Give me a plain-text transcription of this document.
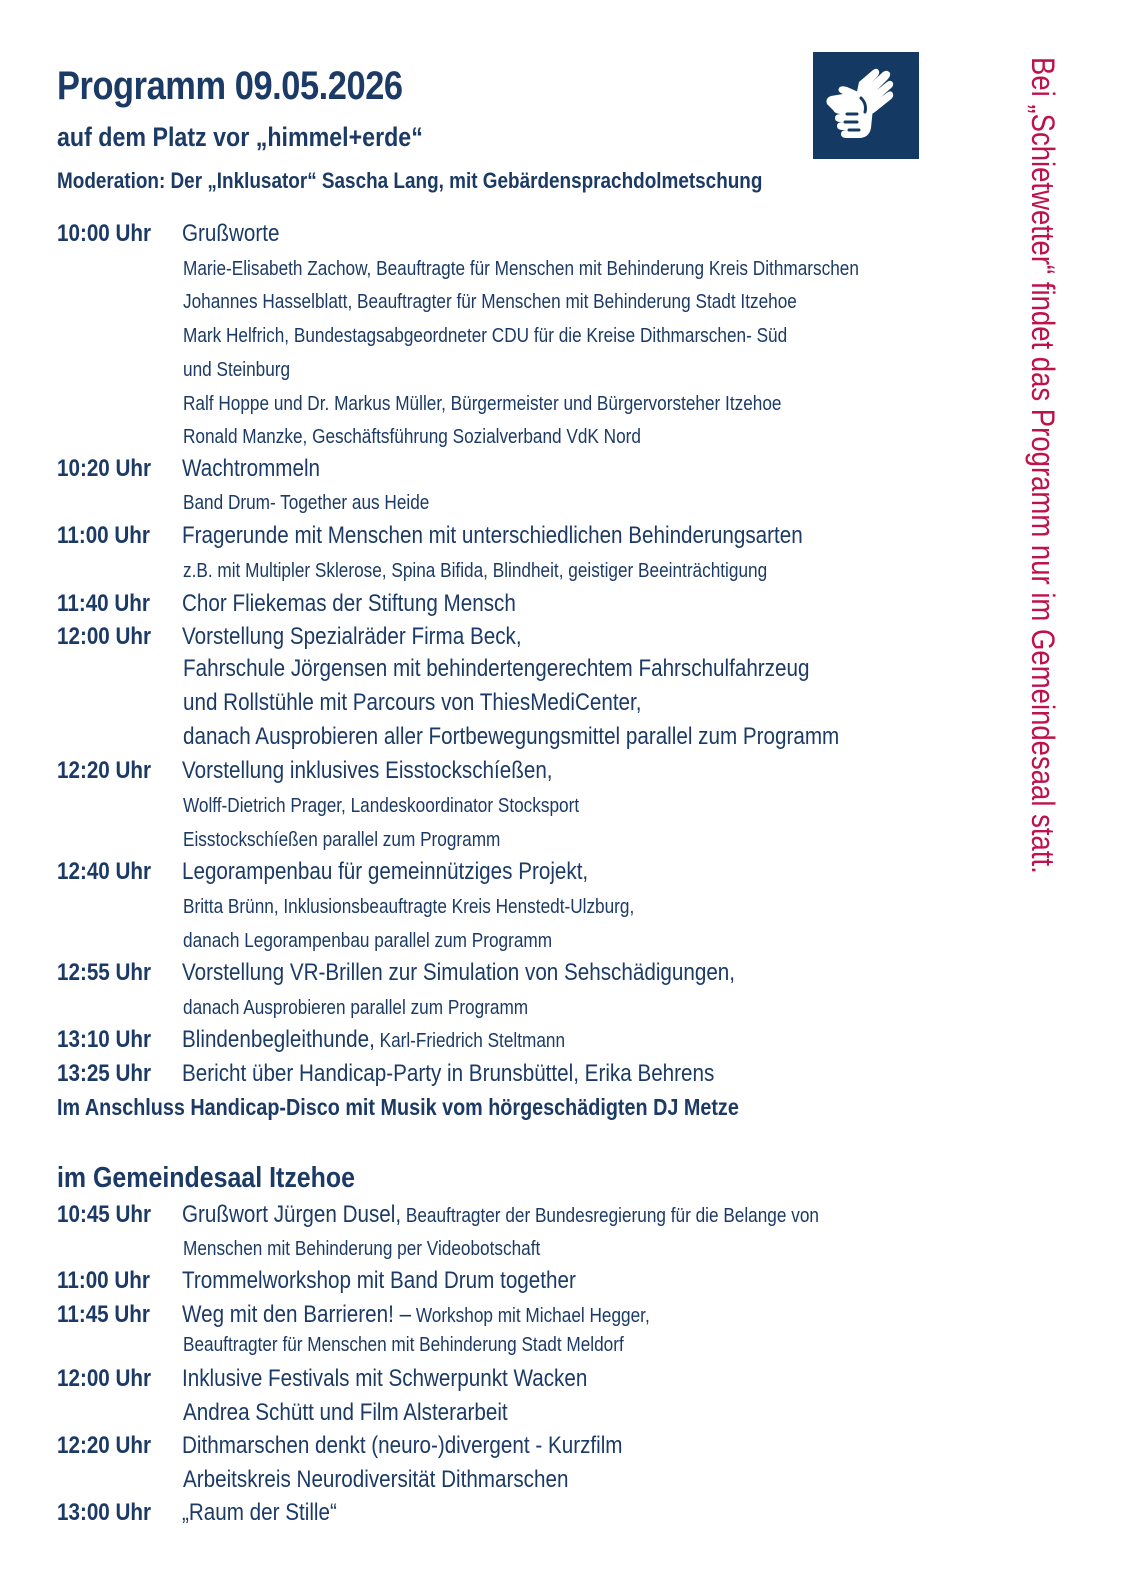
Programm 09.05.2026
auf dem Platz vor „himmel+erde“

Moderation: Der „Inklusator“ Sascha Lang, mit Gebärdensprachdolmetschung	Bei „Schietwetter“ findet das Programm nur im Gemeindesaal statt.
10:00 Uhr Grußworte
Marie-Elisabeth Zachow, Beauftragte für Menschen mit Behinderung Kreis Dithmarschen
Johannes Hasselblatt, Beauftragter für Menschen mit Behinderung Stadt Itzehoe
Mark Helfrich, Bundestagsabgeordneter CDU für die Kreise Dithmarschen- Süd
und Steinburg
Ralf Hoppe und Dr. Markus Müller, Bürgermeister und Bürgervorsteher Itzehoe
Ronald Manzke, Geschäftsführung Sozialverband VdK Nord
10:20 Uhr Wachtrommeln
Band Drum- Together aus Heide
11:00 Uhr Fragerunde mit Menschen mit unterschiedlichen Behinderungsarten
z.B. mit Multipler Sklerose, Spina Bifida, Blindheit, geistiger Beeinträchtigung
11:40 Uhr Chor Fliekemas der Stiftung Mensch
12:00 Uhr Vorstellung Spezialräder Firma Beck,
Fahrschule Jörgensen mit behindertengerechtem Fahrschulfahrzeug
und Rollstühle mit Parcours von ThiesMediCenter,
danach Ausprobieren aller Fortbewegungsmittel parallel zum Programm
12:20 Uhr Vorstellung inklusives Eisstockschíeßen,
Wolff-Dietrich Prager, Landeskoordinator Stocksport
Eisstockschíeßen parallel zum Programm
12:40 Uhr Legorampenbau für gemeinnütziges Projekt,
Britta Brünn, Inklusionsbeauftragte Kreis Henstedt-Ulzburg,
danach Legorampenbau parallel zum Programm
12:55 Uhr Vorstellung VR-Brillen zur Simulation von Sehschädigungen,
danach Ausprobieren parallel zum Programm
13:10 Uhr Blindenbegleithunde, Karl-Friedrich Steltmann
13:25 Uhr Bericht über Handicap-Party in Brunsbüttel, Erika Behrens
Im Anschluss Handicap-Disco mit Musik vom hörgeschädigten DJ Metze
im Gemeindesaal Itzehoe
10:45 Uhr Grußwort Jürgen Dusel, Beauftragter der Bundesregierung für die Belange von
Menschen mit Behinderung per Videobotschaft
11:00 Uhr Trommelworkshop mit Band Drum together
11:45 Uhr Weg mit den Barrieren! – Workshop mit Michael Hegger,
Beauftragter für Menschen mit Behinderung Stadt Meldorf
12:00 Uhr Inklusive Festivals mit Schwerpunkt Wacken
Andrea Schütt und Film Alsterarbeit
12:20 Uhr Dithmarschen denkt (neuro-)divergent - Kurzfilm
Arbeitskreis Neurodiversität Dithmarschen
13:00 Uhr „Raum der Stille“
